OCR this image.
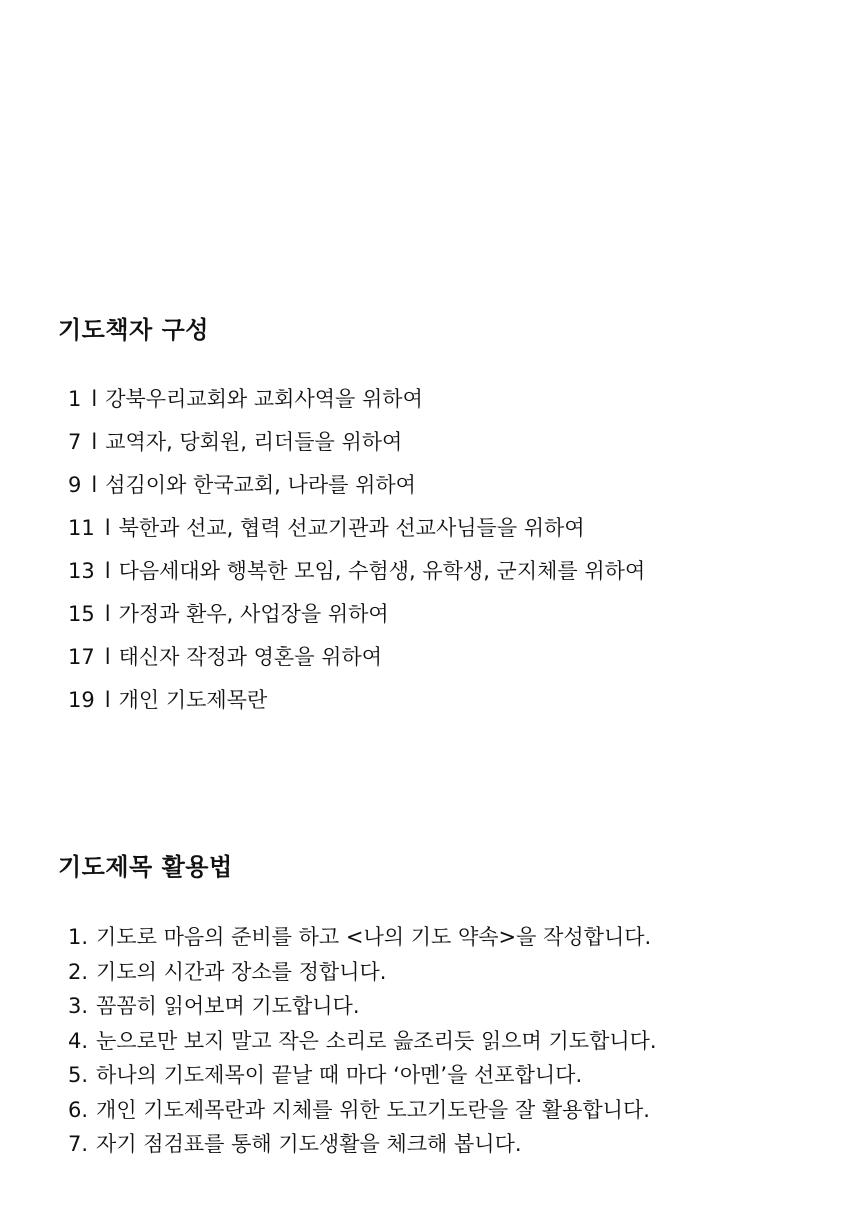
기도책자 구성
1 l 강북우리교회와 교회사역을 위하여
7 l 교역자, 당회원, 리더들을 위하여
9 l 섬김이와 한국교회, 나라를 위하여
11 l 북한과 선교, 협력 선교기관과 선교사님들을 위하여
13 l 다음세대와 행복한 모임, 수험생, 유학생, 군지체를 위하여
15 l 가정과 환우, 사업장을 위하여
17 l 태신자 작정과 영혼을 위하여
19 l 개인 기도제목란
기도제목 활용법
1. 기도로 마음의 준비를 하고 <나의 기도 약속>을 작성합니다.
2. 기도의 시간과 장소를 정합니다.
3. 꼼꼼히 읽어보며 기도합니다.
4. 눈으로만 보지 말고 작은 소리로 읊조리듯 읽으며 기도합니다.
5. 하나의 기도제목이 끝날 때 마다 ‘아멘’을 선포합니다.
6. 개인 기도제목란과 지체를 위한 도고기도란을 잘 활용합니다.
7. 자기 점검표를 통해 기도생활을 체크해 봅니다.
